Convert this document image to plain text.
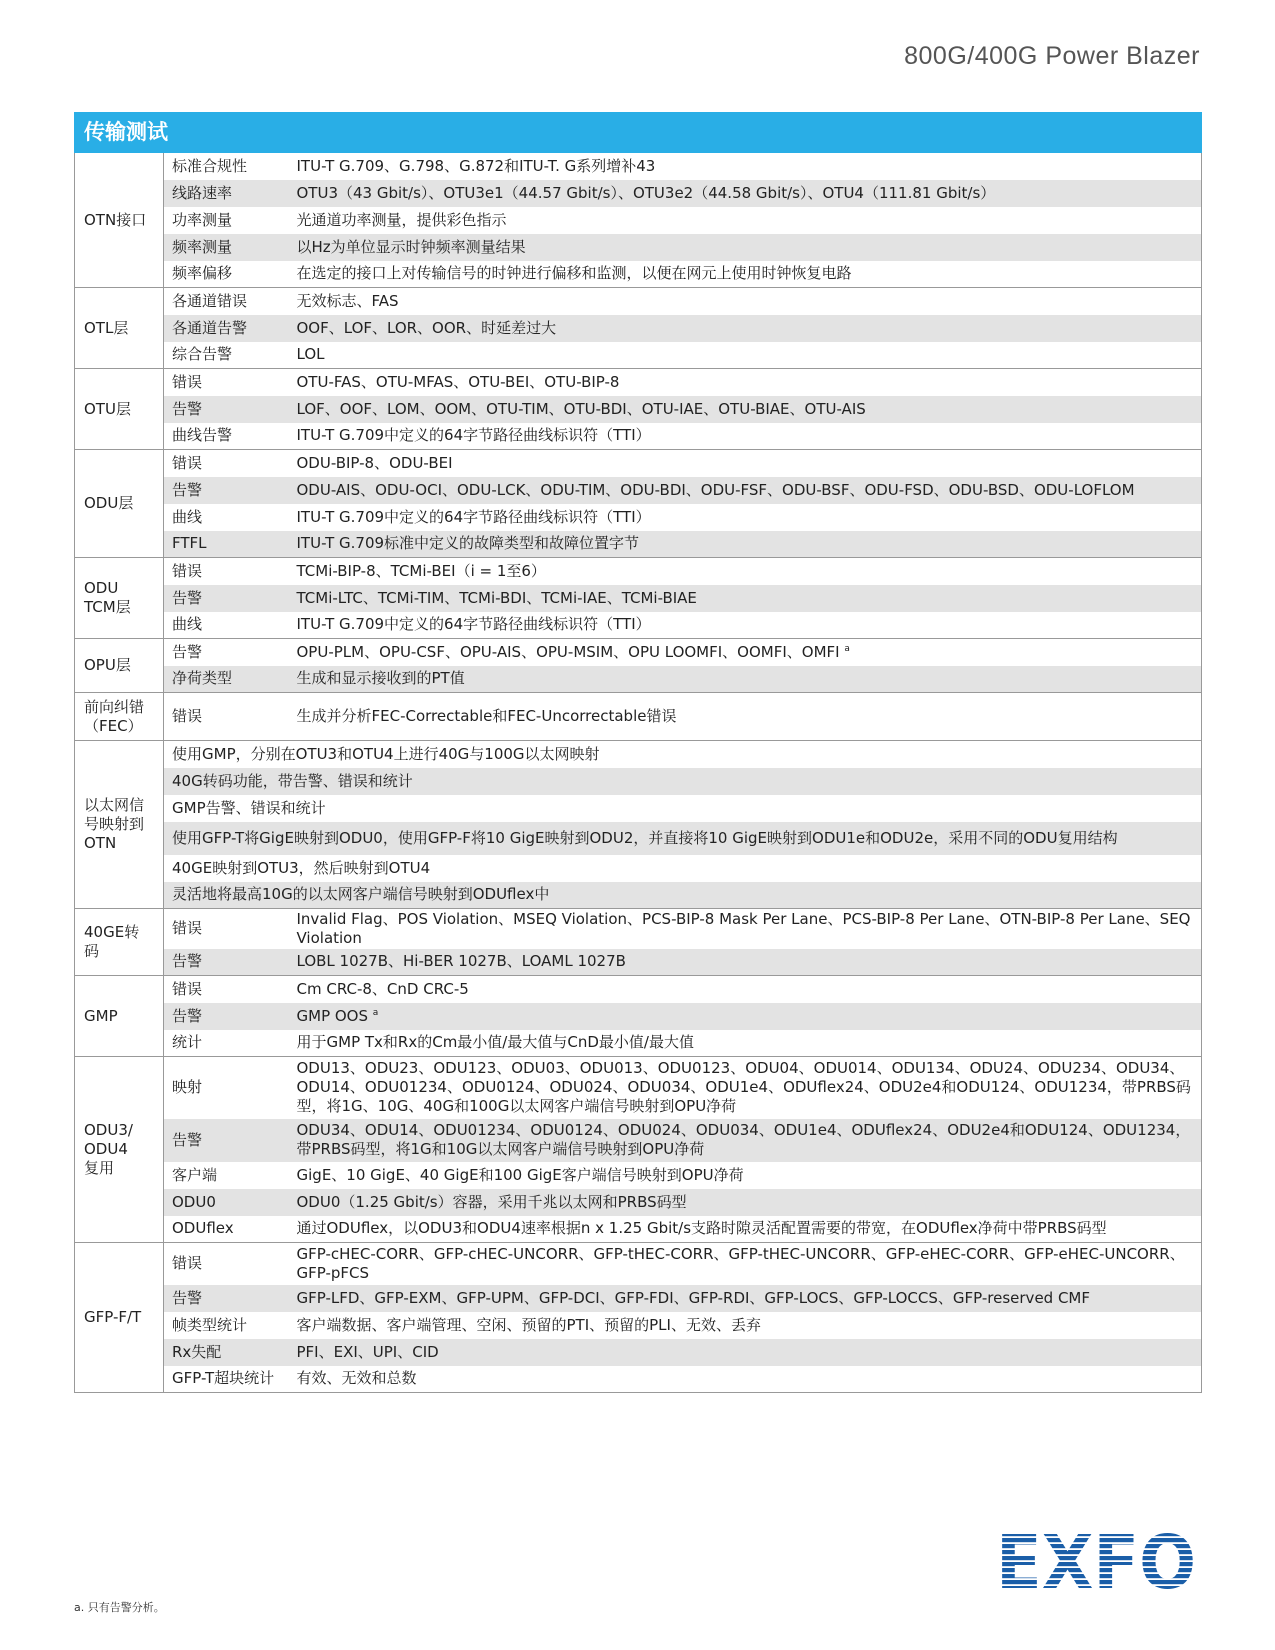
800G/400G Power Blazer
传输测试		
OTN接口	标准合规性	ITU-T G.709、G.798、G.872和ITU-T. G系列增补43
	线路速率	OTU3（43 Gbit/s）、OTU3e1（44.57 Gbit/s）、OTU3e2（44.58 Gbit/s）、OTU4（111.81 Gbit/s）
	功率测量	光通道功率测量，提供彩色指示
	频率测量	以Hz为单位显示时钟频率测量结果
	频率偏移	在选定的接口上对传输信号的时钟进行偏移和监测，以便在网元上使用时钟恢复电路
OTL层	各通道错误	无效标志、FAS
	各通道告警	OOF、LOF、LOR、OOR、时延差过大
	综合告警	LOL
OTU层	错误	OTU-FAS、OTU-MFAS、OTU-BEI、OTU-BIP-8
	告警	LOF、OOF、LOM、OOM、OTU-TIM、OTU-BDI、OTU-IAE、OTU-BIAE、OTU-AIS
	曲线告警	ITU-T G.709中定义的64字节路径曲线标识符（TTI）
ODU层	错误	ODU-BIP-8、ODU-BEI
	告警	ODU-AIS、ODU-OCI、ODU-LCK、ODU-TIM、ODU-BDI、ODU-FSF、ODU-BSF、ODU-FSD、ODU-BSD、ODU-LOFLOM
	曲线	ITU-T G.709中定义的64字节路径曲线标识符（TTI）
	FTFL	ITU-T G.709标准中定义的故障类型和故障位置字节
ODU
TCM层	错误	TCMi-BIP-8、TCMi-BEI（i = 1至6）
	告警	TCMi-LTC、TCMi-TIM、TCMi-BDI、TCMi-IAE、TCMi-BIAE
	曲线	ITU-T G.709中定义的64字节路径曲线标识符（TTI）
OPU层	告警	OPU-PLM、OPU-CSF、OPU-AIS、OPU-MSIM、OPU LOOMFI、OOMFI、OMFI $^a$
	净荷类型	生成和显示接收到的PT值
前向纠错
（FEC）	错误	生成并分析FEC-Correctable和FEC-Uncorrectable错误
以太网信
号映射到
OTN	使用GMP，分别在OTU3和OTU4上进行40G与100G以太网映射	
	40G转码功能，带告警、错误和统计	
	GMP告警、错误和统计	
	使用GFP-T将GigE映射到ODU0，使用GFP-F将10 GigE映射到ODU2，并直接将10 GigE映射到ODU1e和ODU2e，采用不同的ODU复用结构	
	40GE映射到OTU3，然后映射到OTU4	
	灵活地将最高10G的以太网客户端信号映射到ODUflex中	
40GE转
码	错误	Invalid Flag、POS Violation、MSEQ Violation、PCS-BIP-8 Mask Per Lane、PCS-BIP-8 Per Lane、OTN-BIP-8 Per Lane、SEQ Violation
	告警	LOBL 1027B、Hi-BER 1027B、LOAML 1027B
GMP	错误	Cm CRC-8、CnD CRC-5
	告警	GMP OOS $^a$
	统计	用于GMP Tx和Rx的Cm最小值/最大值与CnD最小值/最大值
ODU3/
ODU4
复用	映射	ODU13、ODU23、ODU123、ODU03、ODU013、ODU0123、ODU04、ODU014、ODU134、ODU24、ODU234、ODU34、ODU14、ODU01234、ODU0124、ODU024、ODU034、ODU1e4、ODUflex24、ODU2e4和ODU124、ODU1234，带PRBS码型，将1G、10G、40G和100G以太网客户端信号映射到OPU净荷
	告警	ODU34、ODU14、ODU01234、ODU0124、ODU024、ODU034、ODU1e4、ODUflex24、ODU2e4和ODU124、ODU1234，带PRBS码型，将1G和10G以太网客户端信号映射到OPU净荷
	客户端	GigE、10 GigE、40 GigE和100 GigE客户端信号映射到OPU净荷
	ODU0	ODU0（1.25 Gbit/s）容器，采用千兆以太网和PRBS码型
	ODUflex	通过ODUflex，以ODU3和ODU4速率根据n x 1.25 Gbit/s支路时隙灵活配置需要的带宽，在ODUflex净荷中带PRBS码型
GFP-F/T	错误	GFP-cHEC-CORR、GFP-cHEC-UNCORR、GFP-tHEC-CORR、GFP-tHEC-UNCORR、GFP-eHEC-CORR、GFP-eHEC-UNCORR、GFP-pFCS
	告警	GFP-LFD、GFP-EXM、GFP-UPM、GFP-DCI、GFP-FDI、GFP-RDI、GFP-LOCS、GFP-LOCCS、GFP-reserved CMF
	帧类型统计	客户端数据、客户端管理、空闲、预留的PTI、预留的PLI、无效、丢弃
	Rx失配	PFI、EXI、UPI、CID
	GFP-T超块统计	有效、无效和总数
a. 只有告警分析。
EXFO
